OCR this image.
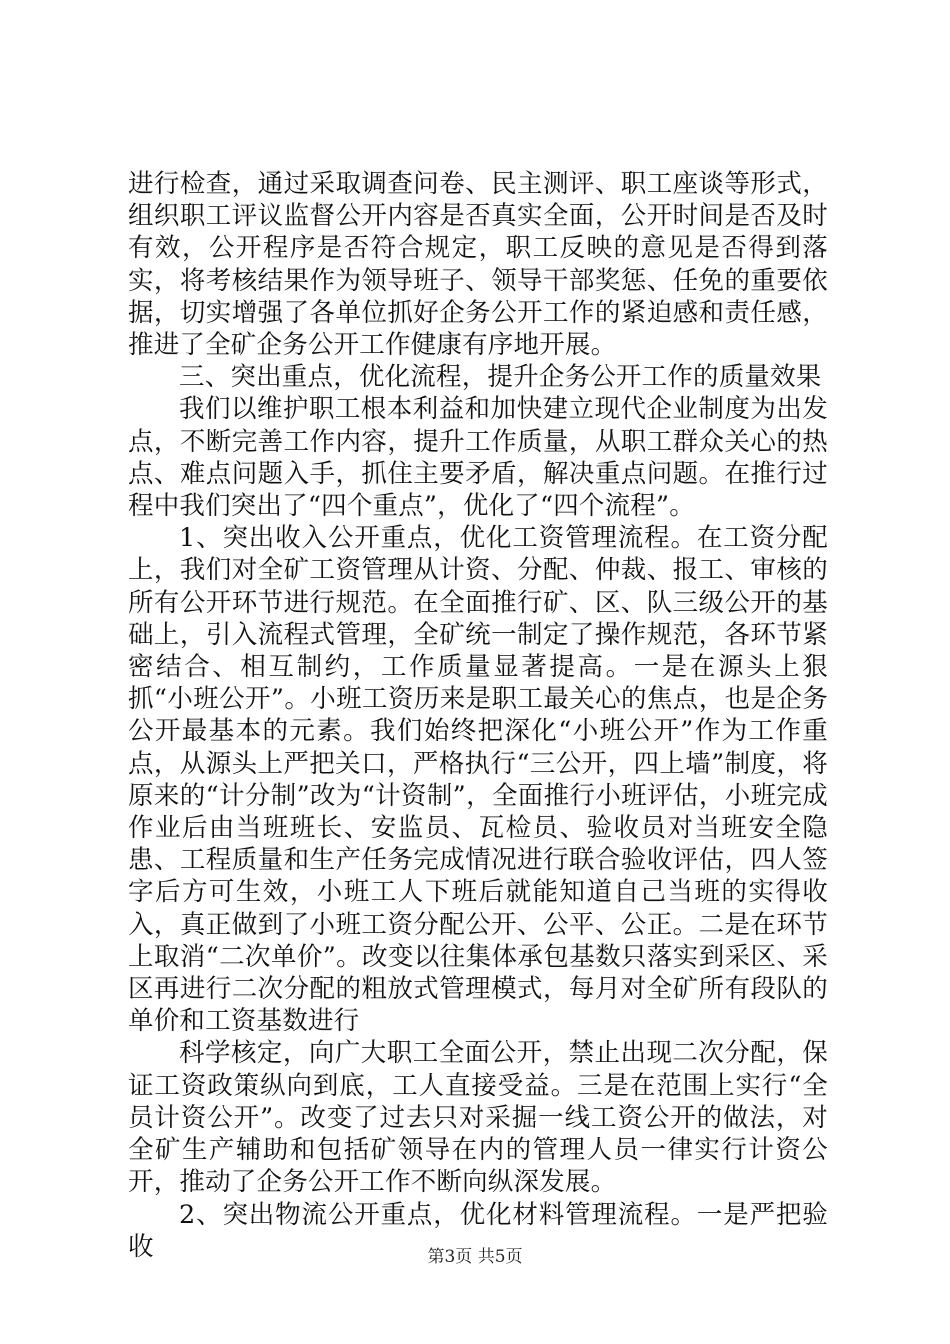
进行检查，通过采取调查问卷、民主测评、职工座谈等形式，组织职工评议监督公开内容是否真实全面，公开时间是否及时有效，公开程序是否符合规定，职工反映的意见是否得到落实，将考核结果作为领导班子、领导干部奖惩、任免的重要依据，切实增强了各单位抓好企务公开工作的紧迫感和责任感，推进了全矿企务公开工作健康有序地开展。

三、突出重点，优化流程，提升企务公开工作的质量效果

我们以维护职工根本利益和加快建立现代企业制度为出发点，不断完善工作内容，提升工作质量，从职工群众关心的热点、难点问题入手，抓住主要矛盾，解决重点问题。在推行过程中我们突出了“四个重点”，优化了“四个流程”。

1、突出收入公开重点，优化工资管理流程。在工资分配上，我们对全矿工资管理从计资、分配、仲裁、报工、审核的所有公开环节进行规范。在全面推行矿、区、队三级公开的基础上，引入流程式管理，全矿统一制定了操作规范，各环节紧密结合、相互制约，工作质量显著提高。一是在源头上狠抓“小班公开”。小班工资历来是职工最关心的焦点，也是企务公开最基本的元素。我们始终把深化“小班公开”作为工作重点，从源头上严把关口，严格执行“三公开，四上墙”制度，将原来的“计分制”改为“计资制”，全面推行小班评估，小班完成作业后由当班班长、安监员、瓦检员、验收员对当班安全隐患、工程质量和生产任务完成情况进行联合验收评估，四人签字后方可生效，小班工人下班后就能知道自己当班的实得收入，真正做到了小班工资分配公开、公平、公正。二是在环节上取消“二次单价”。改变以往集体承包基数只落实到采区、采区再进行二次分配的粗放式管理模式，每月对全矿所有段队的单价和工资基数进行

科学核定，向广大职工全面公开，禁止出现二次分配，保证工资政策纵向到底，工人直接受益。三是在范围上实行“全员计资公开”。改变了过去只对采掘一线工资公开的做法，对全矿生产辅助和包括矿领导在内的管理人员一律实行计资公开，推动了企务公开工作不断向纵深发展。

2、突出物流公开重点，优化材料管理流程。一是严把验收	第3页 共5页
